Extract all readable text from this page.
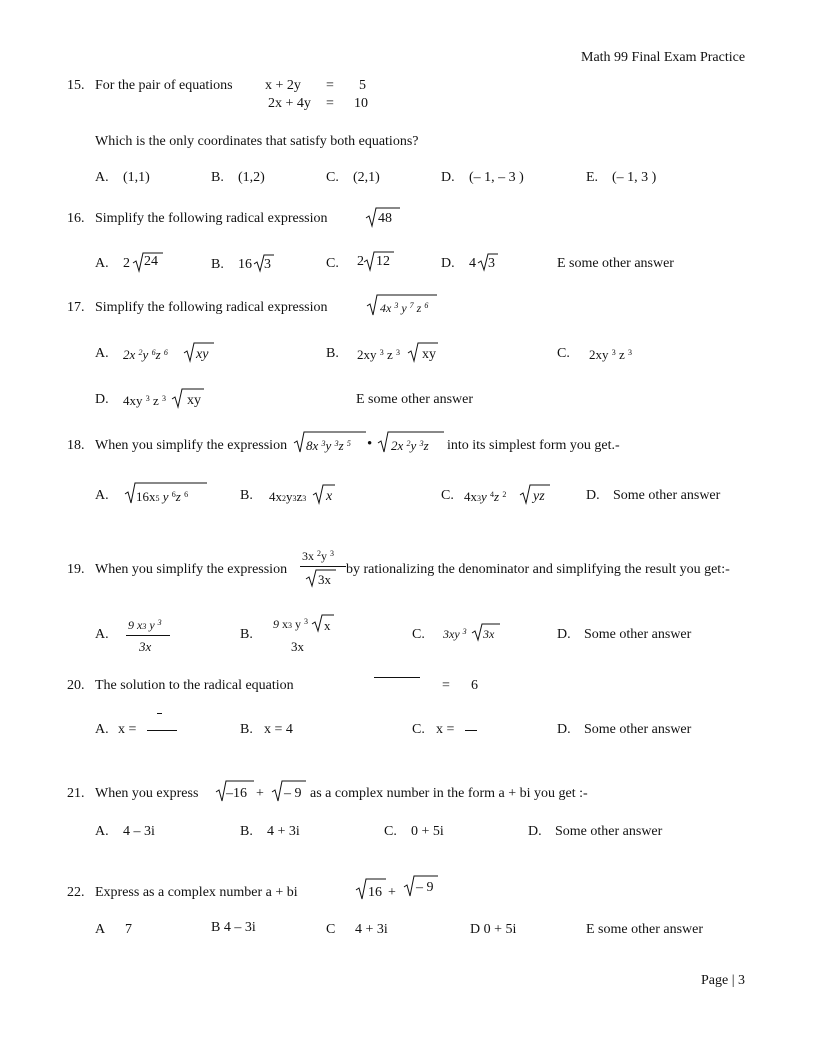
Math 99 Final Exam Practice
15. For the pair of equations x + 2y = 5
2x + 4y = 10
Which is the only coordinates that satisfy both equations?
A. (1,1)	B. (1,2)	C. (2,1)	D. (– 1, – 3 )	E. (– 1, 3 )
16. Simplify the following radical expression	48
A. 2 24	B. 16 3	C. 2 12	D. 4 3	E some other answer
17. Simplify the following radical expression	4x $^3$ y $^7$ z $^6$
A. 2x $^2$y $^6$z $^6$ xy	B. 2xy $^3$ z $^3$ xy	C. 2xy $^3$ z $^3$
D. 4xy $^3$ z $^3$ xy	E some other answer
18. When you simplify the expression 8x $^3$y $^3$z $^5$ • 2x $^2$y $^3$z into its simplest form you get.-
A. 16x5 y $^6$z $^6$	B. 4x2y3z3 x	C. 4x3y $^4$z $^2$ yz	D. Some other answer
19. When you simplify the expression
3x $^2$y $^3$
3x
by rationalizing the denominator and simplifying the result you get:-
A.
9 x3 y $^3$
3x
B.
9 x3 y $^3$ x
3x
C. 3xy $^3$ 3x	D. Some other answer
20. The solution to the radical equation	= 6
A. x =	B. x = 4	C. x =	D. Some other answer
21. When you express –16 + – 9 as a complex number in the form a + bi you get :-
A. 4 – 3i	B. 4 + 3i	C. 0 + 5i	D. Some other answer
22. Express as a complex number a + bi	16 + – 9
A 7	B 4 – 3i	C 4 + 3i	D 0 + 5i	E some other answer
Page | 3
